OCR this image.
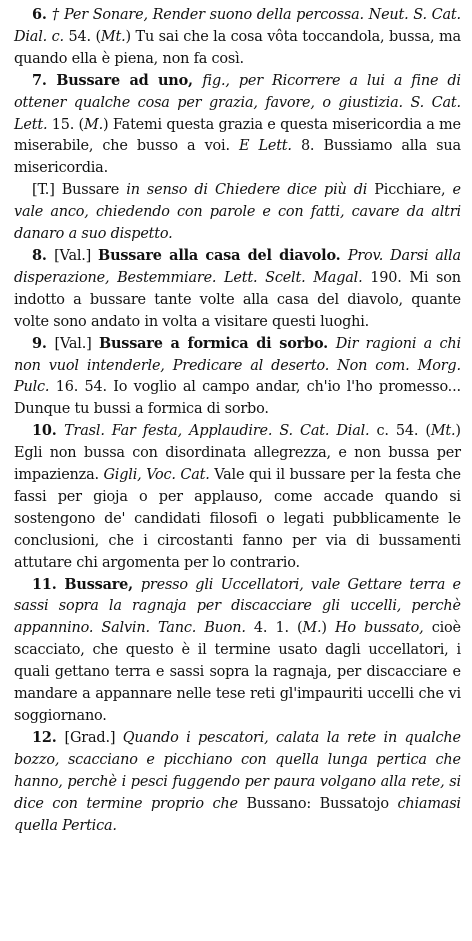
6. † Per Sonare, Render suono della percossa. Neut. S. Cat. Dial. c. 54. (Mt.) Tu sai che la cosa vôta toccandola, bussa, ma quando ella è piena, non fa così.

7. Bussare ad uno, fig., per Ricorrere a lui a fine di ottener qualche cosa per grazia, favore, o giustizia. S. Cat. Lett. 15. (M.) Fatemi questa grazia e questa misericordia a me miserabile, che busso a voi. E Lett. 8. Bussiamo alla sua misericordia.

[T.] Bussare in senso di Chiedere dice più di Picchiare, e vale anco, chiedendo con parole e con fatti, cavare da altri danaro a suo dispetto.

8. [Val.] Bussare alla casa del diavolo. Prov. Darsi alla disperazione, Bestemmiare. Lett. Scelt. Magal. 190. Mi son indotto a bussare tante volte alla casa del diavolo, quante volte sono andato in volta a visitare questi luoghi.

9. [Val.] Bussare a formica di sorbo. Dir ragioni a chi non vuol intenderle, Predicare al deserto. Non com. Morg. Pulc. 16. 54. Io voglio al campo andar, ch'io l'ho promesso... Dunque tu bussi a formica di sorbo.

10. Trasl. Far festa, Applaudire. S. Cat. Dial. c. 54. (Mt.) Egli non bussa con disordinata allegrezza, e non bussa per impazienza. Gigli, Voc. Cat. Vale qui il bussare per la festa che fassi per gioja o per applauso, come accade quando si sostengono de' candidati filosofi o legati pubblicamente le conclusioni, che i circostanti fanno per via di bussamenti attutare chi argomenta per lo contrario.

11. Bussare, presso gli Uccellatori, vale Gettare terra e sassi sopra la ragnaja per discacciare gli uccelli, perchè appannino. Salvin. Tanc. Buon. 4. 1. (M.) Ho bussato, cioè scacciato, che questo è il termine usato dagli uccellatori, i quali gettano terra e sassi sopra la ragnaja, per discacciare e mandare a appannare nelle tese reti gl'impauriti uccelli che vi soggiornano.

12. [Grad.] Quando i pescatori, calata la rete in qualche bozzo, scacciano e picchiano con quella lunga pertica che hanno, perchè i pesci fuggendo per paura volgano alla rete, si dice con termine proprio che Bussano: Bussatojo chiamasi quella Pertica.
